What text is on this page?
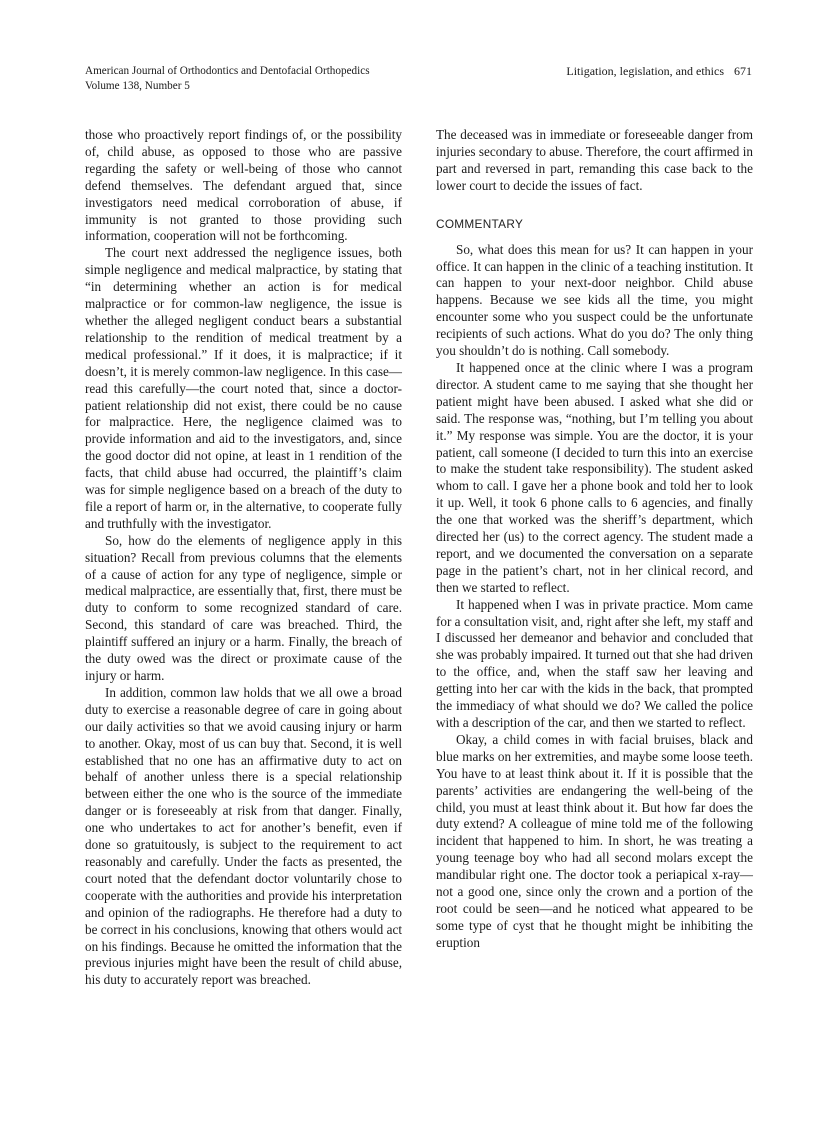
American Journal of Orthodontics and Dentofacial Orthopedics
Volume 138, Number 5
Litigation, legislation, and ethics 671

those who proactively report findings of, or the possibility of, child abuse, as opposed to those who are passive regarding the safety or well-being of those who cannot defend themselves. The defendant argued that, since investigators need medical corroboration of abuse, if immunity is not granted to those providing such information, cooperation will not be forthcoming.

The court next addressed the negligence issues, both simple negligence and medical malpractice, by stating that “in determining whether an action is for medical malpractice or for common-law negligence, the issue is whether the alleged negligent conduct bears a substantial relationship to the rendition of medical treatment by a medical professional.” If it does, it is malpractice; if it doesn’t, it is merely common-law negligence. In this case—read this carefully—the court noted that, since a doctor-patient relationship did not exist, there could be no cause for malpractice. Here, the negligence claimed was to provide information and aid to the investigators, and, since the good doctor did not opine, at least in 1 rendition of the facts, that child abuse had occurred, the plaintiff’s claim was for simple negligence based on a breach of the duty to file a report of harm or, in the alternative, to cooperate fully and truthfully with the investigator.

So, how do the elements of negligence apply in this situation? Recall from previous columns that the elements of a cause of action for any type of negligence, simple or medical malpractice, are essentially that, first, there must be duty to conform to some recognized standard of care. Second, this standard of care was breached. Third, the plaintiff suffered an injury or a harm. Finally, the breach of the duty owed was the direct or proximate cause of the injury or harm.

In addition, common law holds that we all owe a broad duty to exercise a reasonable degree of care in going about our daily activities so that we avoid causing injury or harm to another. Okay, most of us can buy that. Second, it is well established that no one has an affirmative duty to act on behalf of another unless there is a special relationship between either the one who is the source of the immediate danger or is foreseeably at risk from that danger. Finally, one who undertakes to act for another’s benefit, even if done so gratuitously, is subject to the requirement to act reasonably and carefully. Under the facts as presented, the court noted that the defendant doctor voluntarily chose to cooperate with the authorities and provide his interpretation and opinion of the radiographs. He therefore had a duty to be correct in his conclusions, knowing that others would act on his findings. Because he omitted the information that the previous injuries might have been the result of child abuse, his duty to accurately report was breached.

The deceased was in immediate or foreseeable danger from injuries secondary to abuse. Therefore, the court affirmed in part and reversed in part, remanding this case back to the lower court to decide the issues of fact.

COMMENTARY

So, what does this mean for us? It can happen in your office. It can happen in the clinic of a teaching institution. It can happen to your next-door neighbor. Child abuse happens. Because we see kids all the time, you might encounter some who you suspect could be the unfortunate recipients of such actions. What do you do? The only thing you shouldn’t do is nothing. Call somebody.

It happened once at the clinic where I was a program director. A student came to me saying that she thought her patient might have been abused. I asked what she did or said. The response was, “nothing, but I’m telling you about it.” My response was simple. You are the doctor, it is your patient, call someone (I decided to turn this into an exercise to make the student take responsibility). The student asked whom to call. I gave her a phone book and told her to look it up. Well, it took 6 phone calls to 6 agencies, and finally the one that worked was the sheriff’s department, which directed her (us) to the correct agency. The student made a report, and we documented the conversation on a separate page in the patient’s chart, not in her clinical record, and then we started to reflect.

It happened when I was in private practice. Mom came for a consultation visit, and, right after she left, my staff and I discussed her demeanor and behavior and concluded that she was probably impaired. It turned out that she had driven to the office, and, when the staff saw her leaving and getting into her car with the kids in the back, that prompted the immediacy of what should we do? We called the police with a description of the car, and then we started to reflect.

Okay, a child comes in with facial bruises, black and blue marks on her extremities, and maybe some loose teeth. You have to at least think about it. If it is possible that the parents’ activities are endangering the well-being of the child, you must at least think about it. But how far does the duty extend? A colleague of mine told me of the following incident that happened to him. In short, he was treating a young teenage boy who had all second molars except the mandibular right one. The doctor took a periapical x-ray—not a good one, since only the crown and a portion of the root could be seen—and he noticed what appeared to be some type of cyst that he thought might be inhibiting the eruption
